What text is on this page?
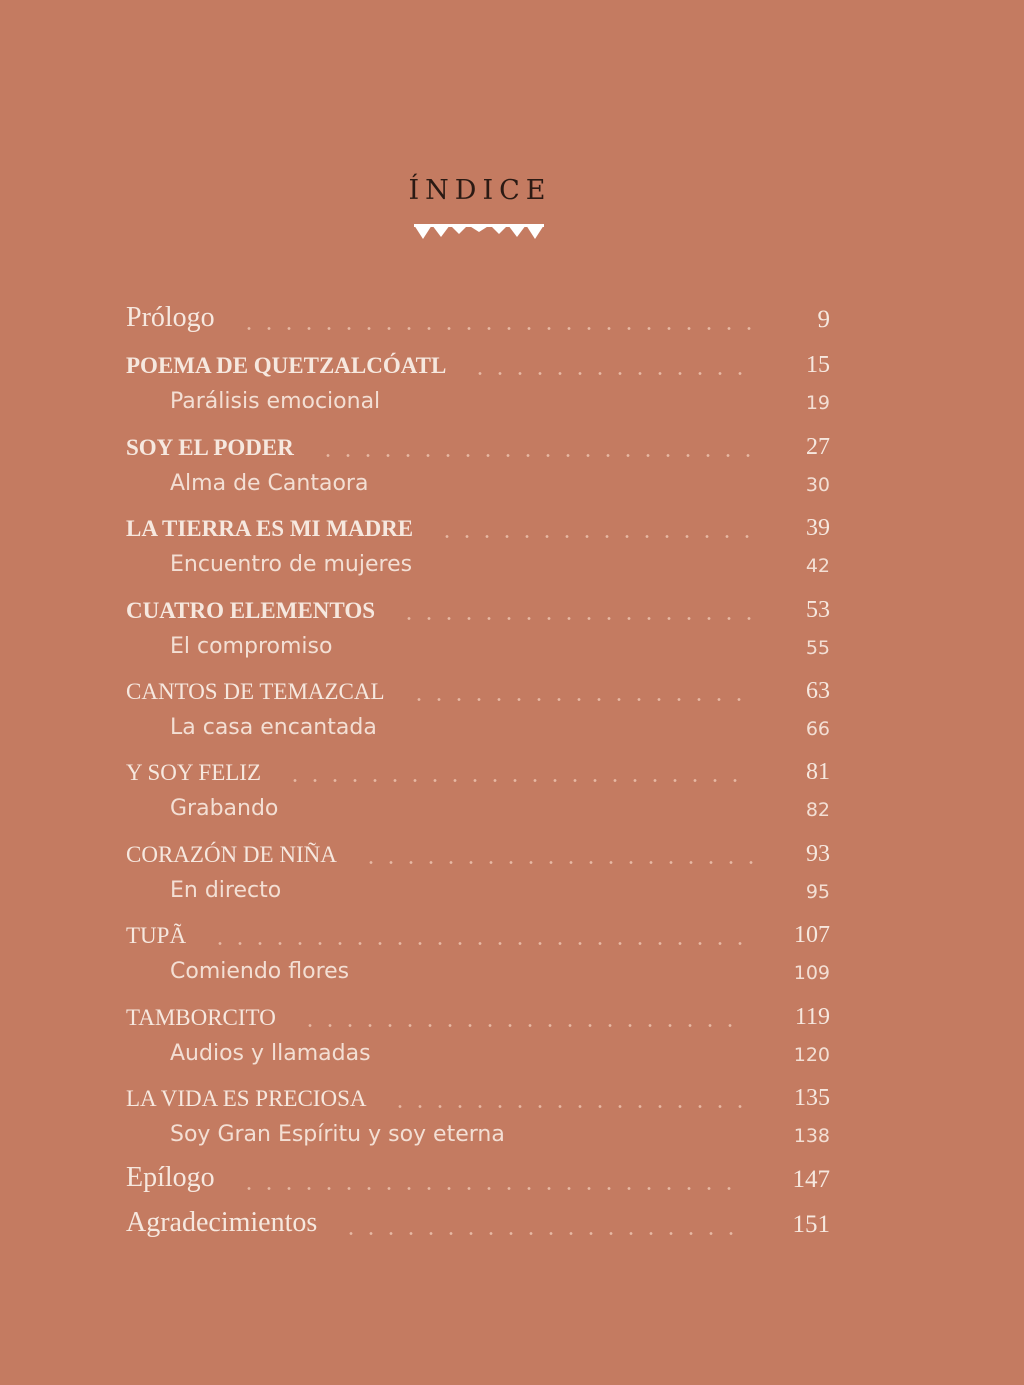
ÍNDICE
Prólogo	9
POEMA DE QUETZALCÓATL	15
Parálisis emocional	19
SOY EL PODER	27
Alma de Cantaora	30
LA TIERRA ES MI MADRE	39
Encuentro de mujeres	42
CUATRO ELEMENTOS	53
El compromiso	55
CANTOS DE TEMAZCAL	63
La casa encantada	66
Y SOY FELIZ	81
Grabando	82
CORAZÓN DE NIÑA	93
En directo	95
TUPÃ	107
Comiendo flores	109
TAMBORCITO	119
Audios y llamadas	120
LA VIDA ES PRECIOSA	135
Soy Gran Espíritu y soy eterna	138
Epílogo	147
Agradecimientos	151
